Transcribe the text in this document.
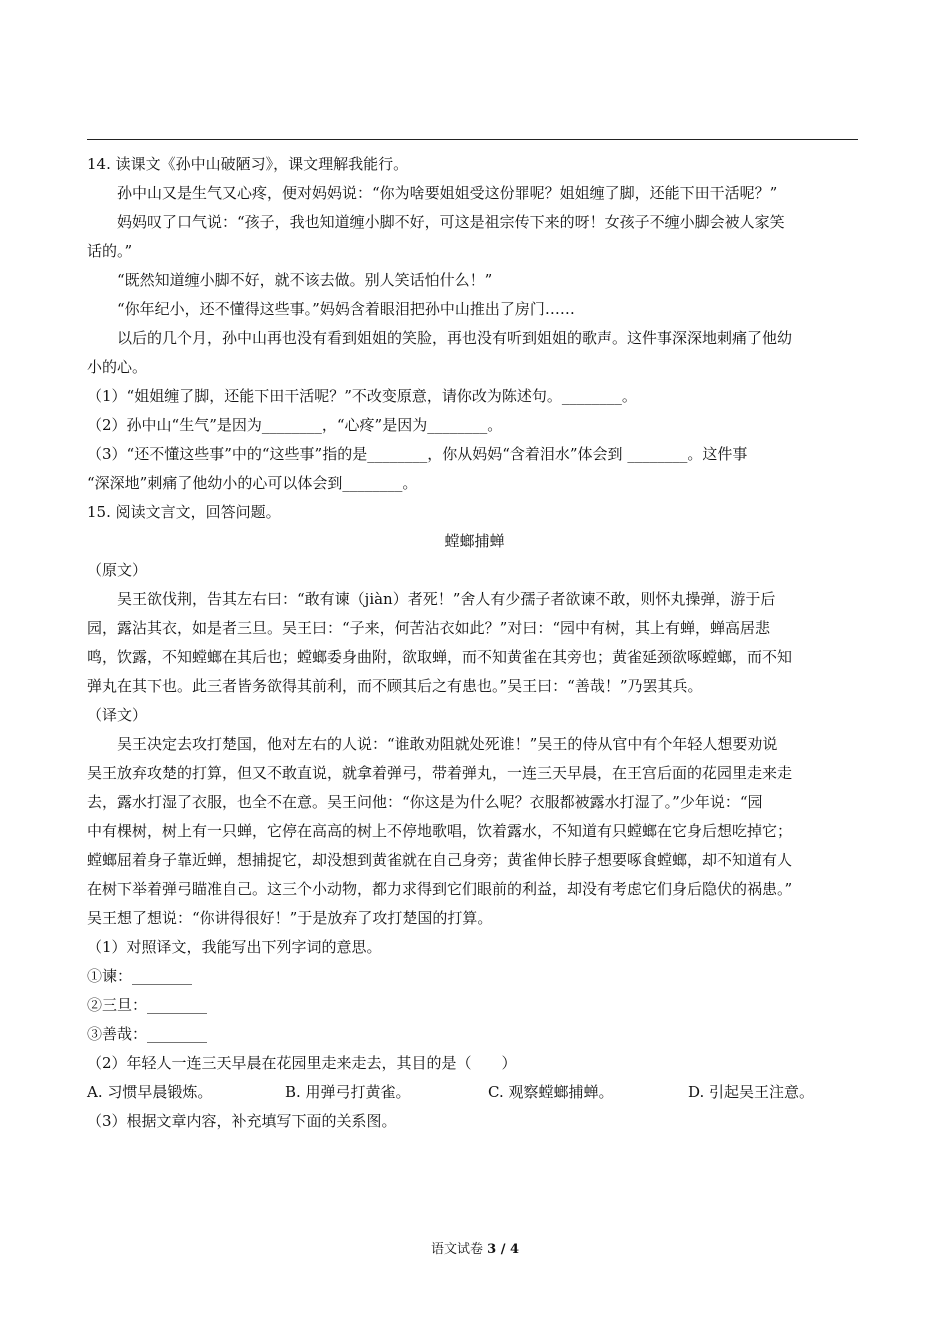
14. 读课文《孙中山破陋习》，课文理解我能行。
孙中山又是生气又心疼，便对妈妈说：“你为啥要姐姐受这份罪呢？姐姐缠了脚，还能下田干活呢？”
妈妈叹了口气说：“孩子，我也知道缠小脚不好，可这是祖宗传下来的呀！女孩子不缠小脚会被人家笑
话的。”
“既然知道缠小脚不好，就不该去做。别人笑话怕什么！”
“你年纪小，还不懂得这些事。”妈妈含着眼泪把孙中山推出了房门……
以后的几个月，孙中山再也没有看到姐姐的笑脸，再也没有听到姐姐的歌声。这件事深深地刺痛了他幼
小的心。
（1）“姐姐缠了脚，还能下田干活呢？”不改变原意，请你改为陈述句。________。
（2）孙中山“生气”是因为________，“心疼”是因为________。
（3）“还不懂这些事”中的“这些事”指的是________，你从妈妈“含着泪水”体会到 ________。这件事
“深深地”刺痛了他幼小的心可以体会到________。
15. 阅读文言文，回答问题。
螳螂捕蝉
（原文）
吴王欲伐荆，告其左右曰：“敢有谏（jiàn）者死！”舍人有少孺子者欲谏不敢，则怀丸操弹，游于后
园，露沾其衣，如是者三旦。吴王曰：“子来，何苦沾衣如此？”对曰：“园中有树，其上有蝉，蝉高居悲
鸣，饮露，不知螳螂在其后也；螳螂委身曲附，欲取蝉，而不知黄雀在其旁也；黄雀延颈欲啄螳螂，而不知
弹丸在其下也。此三者皆务欲得其前利，而不顾其后之有患也。”吴王曰：“善哉！”乃罢其兵。
（译文）
吴王决定去攻打楚国，他对左右的人说：“谁敢劝阻就处死谁！”吴王的侍从官中有个年轻人想要劝说
吴王放弃攻楚的打算，但又不敢直说，就拿着弹弓，带着弹丸，一连三天早晨，在王宫后面的花园里走来走
去，露水打湿了衣服，也全不在意。吴王问他：“你这是为什么呢？衣服都被露水打湿了。”少年说：“园
中有棵树，树上有一只蝉，它停在高高的树上不停地歌唱，饮着露水，不知道有只螳螂在它身后想吃掉它；
螳螂屈着身子靠近蝉，想捕捉它，却没想到黄雀就在自己身旁；黄雀伸长脖子想要啄食螳螂，却不知道有人
在树下举着弹弓瞄准自己。这三个小动物，都力求得到它们眼前的利益，却没有考虑它们身后隐伏的祸患。”
吴王想了想说：“你讲得很好！”于是放弃了攻打楚国的打算。
（1）对照译文，我能写出下列字词的意思。
①谏：________
②三旦：________
③善哉：________
（2）年轻人一连三天早晨在花园里走来走去，其目的是（　　）
A. 习惯早晨锻炼。	B. 用弹弓打黄雀。	C. 观察螳螂捕蝉。	D. 引起吴王注意。
（3）根据文章内容，补充填写下面的关系图。
语文试卷 3 / 4
